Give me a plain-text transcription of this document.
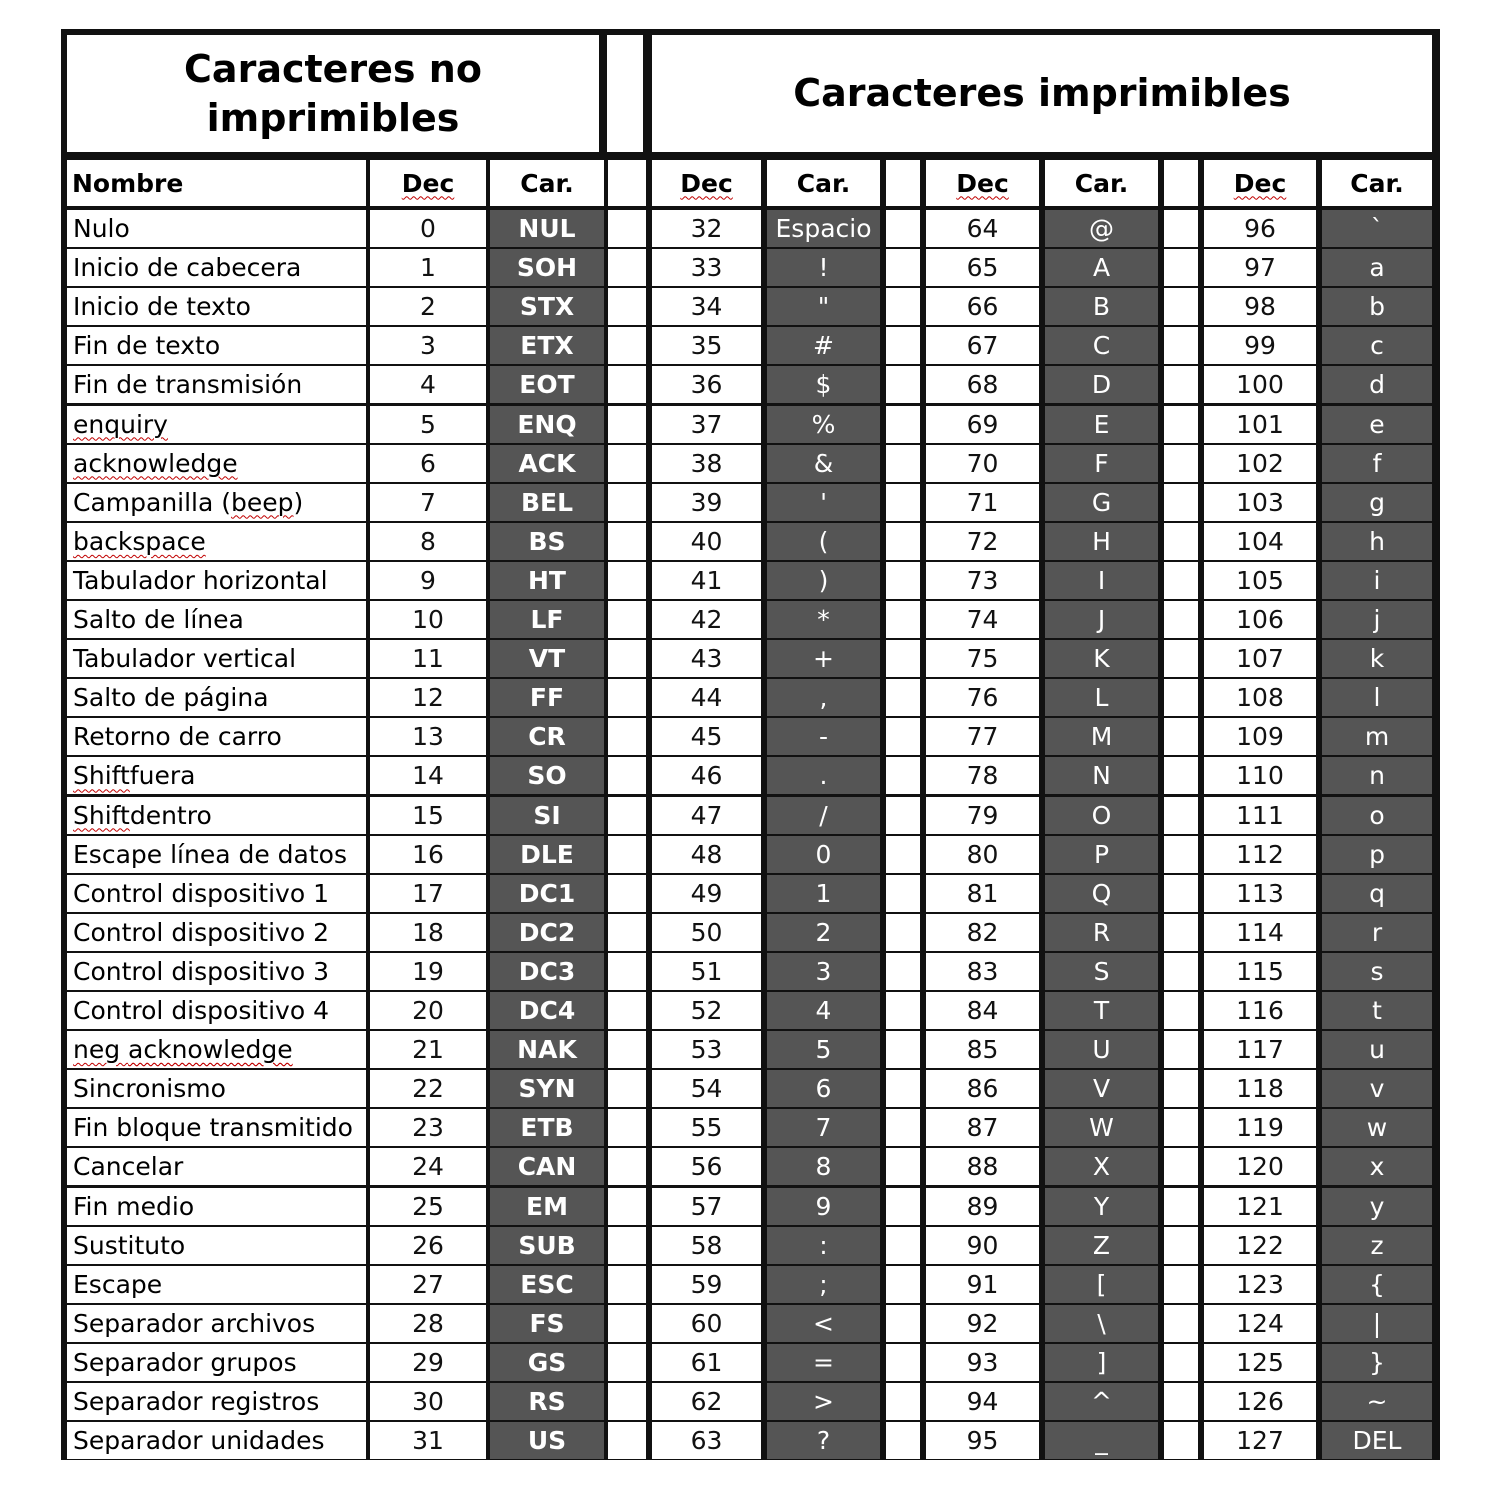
Caracteres no
imprimibles
Caracteres imprimibles
Nombre	Dec	Car.	Dec	Car.	Dec	Car.	Dec	Car.
Nulo	0	NUL	32	Espacio	64	@	96	`
Inicio de cabecera	1	SOH	33	!	65	A	97	a
Inicio de texto	2	STX	34	"	66	B	98	b
Fin de texto	3	ETX	35	#	67	C	99	c
Fin de transmisión	4	EOT	36	$	68	D	100	d
enquiry	5	ENQ	37	%	69	E	101	e
acknowledge	6	ACK	38	&	70	F	102	f
Campanilla ( beep )	7	BEL	39	'	71	G	103	g
backspace	8	BS	40	(	72	H	104	h
Tabulador horizontal	9	HT	41	)	73	I	105	i
Salto de línea	10	LF	42	*	74	J	106	j
Tabulador vertical	11	VT	43	+	75	K	107	k
Salto de página	12	FF	44	,	76	L	108	l
Retorno de carro	13	CR	45	-	77	M	109	m
Shift fuera	14	SO	46	.	78	N	110	n
Shift dentro	15	SI	47	/	79	O	111	o
Escape línea de datos	16	DLE	48	0	80	P	112	p
Control dispositivo 1	17	DC1	49	1	81	Q	113	q
Control dispositivo 2	18	DC2	50	2	82	R	114	r
Control dispositivo 3	19	DC3	51	3	83	S	115	s
Control dispositivo 4	20	DC4	52	4	84	T	116	t
neg acknowledge	21	NAK	53	5	85	U	117	u
Sincronismo	22	SYN	54	6	86	V	118	v
Fin bloque transmitido	23	ETB	55	7	87	W	119	w
Cancelar	24	CAN	56	8	88	X	120	x
Fin medio	25	EM	57	9	89	Y	121	y
Sustituto	26	SUB	58	:	90	Z	122	z
Escape	27	ESC	59	;	91	[	123	{
Separador archivos	28	FS	60	<	92	\	124	|
Separador grupos	29	GS	61	=	93	]	125	}
Separador registros	30	RS	62	>	94	^	126	~
Separador unidades	31	US	63	?	95	_	127	DEL
